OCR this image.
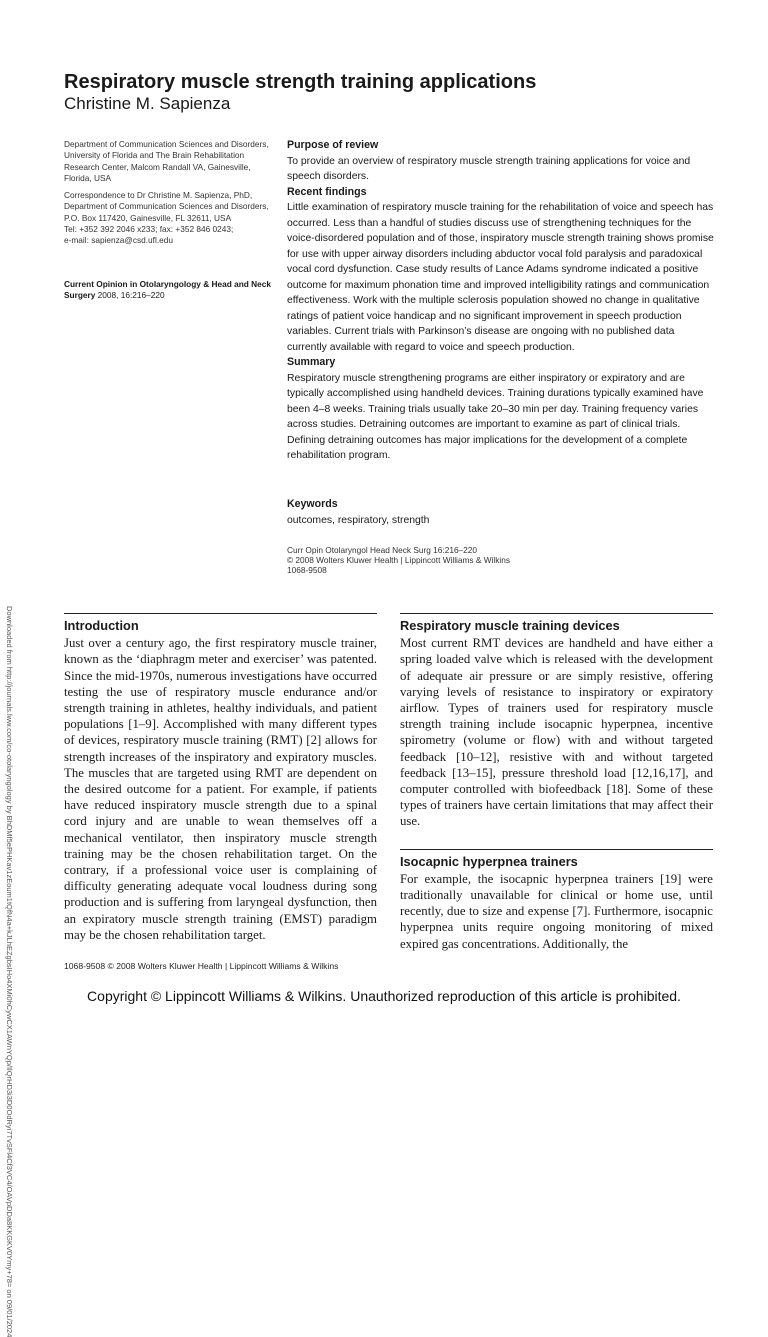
Respiratory muscle strength training applications
Christine M. Sapienza
Downloaded from http://journals.lww.com/co-otolaryngology by BhDMf5ePHKav1zEoum1tQfN4a+kJLhEZgbsIHo4XMi0hCywCX1AWnYQp/IlQrHD3i3D0OdRyi7TvSFl4Cf3VC4/OAVpDDa8KKGKV0Ymy+78= on 09/01/2024

Department of Communication Sciences and Disorders, University of Florida and The Brain Rehabilitation Research Center, Malcom Randall VA, Gainesville, Florida, USA

Correspondence to Dr Christine M. Sapienza, PhD, Department of Communication Sciences and Disorders, P.O. Box 117420, Gainesville, FL 32611, USA

Tel: +352 392 2046 x233; fax: +352 846 0243;

e-mail: sapienza@csd.ufl.edu

Current Opinion in Otolaryngology & Head and Neck Surgery 2008, 16:216–220
Purpose of review

To provide an overview of respiratory muscle strength training applications for voice and speech disorders.

Recent findings

Little examination of respiratory muscle training for the rehabilitation of voice and speech has occurred. Less than a handful of studies discuss use of strengthening techniques for the voice-disordered population and of those, inspiratory muscle strength training shows promise for use with upper airway disorders including abductor vocal fold paralysis and paradoxical vocal cord dysfunction. Case study results of Lance Adams syndrome indicated a positive outcome for maximum phonation time and improved intelligibility ratings and communication effectiveness. Work with the multiple sclerosis population showed no change in qualitative ratings of patient voice handicap and no significant improvement in speech production variables. Current trials with Parkinson’s disease are ongoing with no published data currently available with regard to voice and speech production.

Summary

Respiratory muscle strengthening programs are either inspiratory or expiratory and are typically accomplished using handheld devices. Training durations typically examined have been 4–8 weeks. Training trials usually take 20–30 min per day. Training frequency varies across studies. Detraining outcomes are important to examine as part of clinical trials. Defining detraining outcomes has major implications for the development of a complete rehabilitation program.

Keywords

outcomes, respiratory, strength

Curr Opin Otolaryngol Head Neck Surg 16:216–220
© 2008 Wolters Kluwer Health | Lippincott Williams & Wilkins
1068-9508
Introduction

Just over a century ago, the first respiratory muscle trainer, known as the ‘diaphragm meter and exerciser’ was patented. Since the mid-1970s, numerous investigations have occurred testing the use of respiratory muscle endurance and/or strength training in athletes, healthy individuals, and patient populations [1–9]. Accomplished with many different types of devices, respiratory muscle training (RMT) [2] allows for strength increases of the inspiratory and expiratory muscles. The muscles that are targeted using RMT are dependent on the desired outcome for a patient. For example, if patients have reduced inspiratory muscle strength due to a spinal cord injury and are unable to wean themselves off a mechanical ventilator, then inspiratory muscle strength training may be the chosen rehabilitation target. On the contrary, if a professional voice user is complaining of difficulty generating adequate vocal loudness during song production and is suffering from laryngeal dysfunction, then an expiratory muscle strength training (EMST) paradigm may be the chosen rehabilitation target.

Respiratory muscle training devices

Most current RMT devices are handheld and have either a spring loaded valve which is released with the development of adequate air pressure or are simply resistive, offering varying levels of resistance to inspiratory or expiratory airflow. Types of trainers used for respiratory muscle strength training include isocapnic hyperpnea, incentive spirometry (volume or flow) with and without targeted feedback [10–12], resistive with and without targeted feedback [13–15], pressure threshold load [12,16,17], and computer controlled with biofeedback [18]. Some of these types of trainers have certain limitations that may affect their use.

Isocapnic hyperpnea trainers

For example, the isocapnic hyperpnea trainers [19] were traditionally unavailable for clinical or home use, until recently, due to size and expense [7]. Furthermore, isocapnic hyperpnea units require ongoing monitoring of mixed expired gas concentrations. Additionally, the

1068-9508 © 2008 Wolters Kluwer Health | Lippincott Williams & Wilkins
Copyright © Lippincott Williams & Wilkins. Unauthorized reproduction of this article is prohibited.
